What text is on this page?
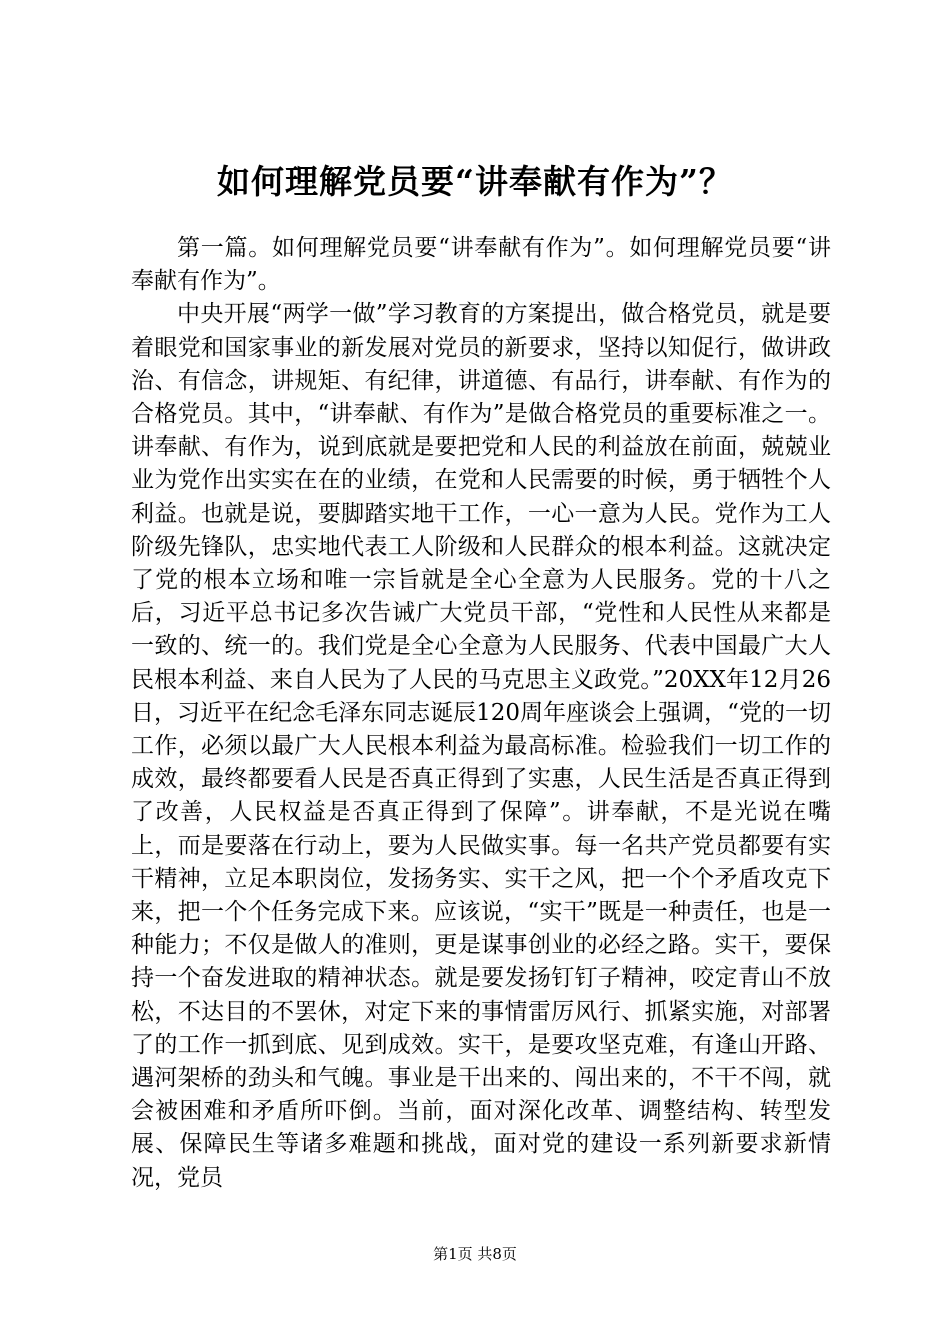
如何理解党员要“讲奉献有作为”？

第一篇。如何理解党员要“讲奉献有作为”。如何理解党员要“讲奉献有作为”。

中央开展“两学一做”学习教育的方案提出，做合格党员，就是要着眼党和国家事业的新发展对党员的新要求，坚持以知促行，做讲政治、有信念，讲规矩、有纪律，讲道德、有品行，讲奉献、有作为的合格党员。其中，“讲奉献、有作为”是做合格党员的重要标准之一。讲奉献、有作为，说到底就是要把党和人民的利益放在前面，兢兢业业为党作出实实在在的业绩，在党和人民需要的时候，勇于牺牲个人利益。也就是说，要脚踏实地干工作，一心一意为人民。党作为工人阶级先锋队，忠实地代表工人阶级和人民群众的根本利益。这就决定了党的根本立场和唯一宗旨就是全心全意为人民服务。党的十八之后，习近平总书记多次告诫广大党员干部，“党性和人民性从来都是一致的、统一的。我们党是全心全意为人民服务、代表中国最广大人民根本利益、来自人民为了人民的马克思主义政党。”20XX年12月26日，习近平在纪念毛泽东同志诞辰120周年座谈会上强调，“党的一切工作，必须以最广大人民根本利益为最高标准。检验我们一切工作的成效，最终都要看人民是否真正得到了实惠，人民生活是否真正得到了改善，人民权益是否真正得到了保障”。讲奉献，不是光说在嘴上，而是要落在行动上，要为人民做实事。每一名共产党员都要有实干精神，立足本职岗位，发扬务实、实干之风，把一个个矛盾攻克下来，把一个个任务完成下来。应该说，“实干”既是一种责任，也是一种能力；不仅是做人的准则，更是谋事创业的必经之路。实干，要保持一个奋发进取的精神状态。就是要发扬钉钉子精神，咬定青山不放松，不达目的不罢休，对定下来的事情雷厉风行、抓紧实施，对部署了的工作一抓到底、见到成效。实干，是要攻坚克难，有逢山开路、遇河架桥的劲头和气魄。事业是干出来的、闯出来的，不干不闯，就会被困难和矛盾所吓倒。当前，面对深化改革、调整结构、转型发展、保障民生等诸多难题和挑战，面对党的建设一系列新要求新情况，党员

第1页 共8页
